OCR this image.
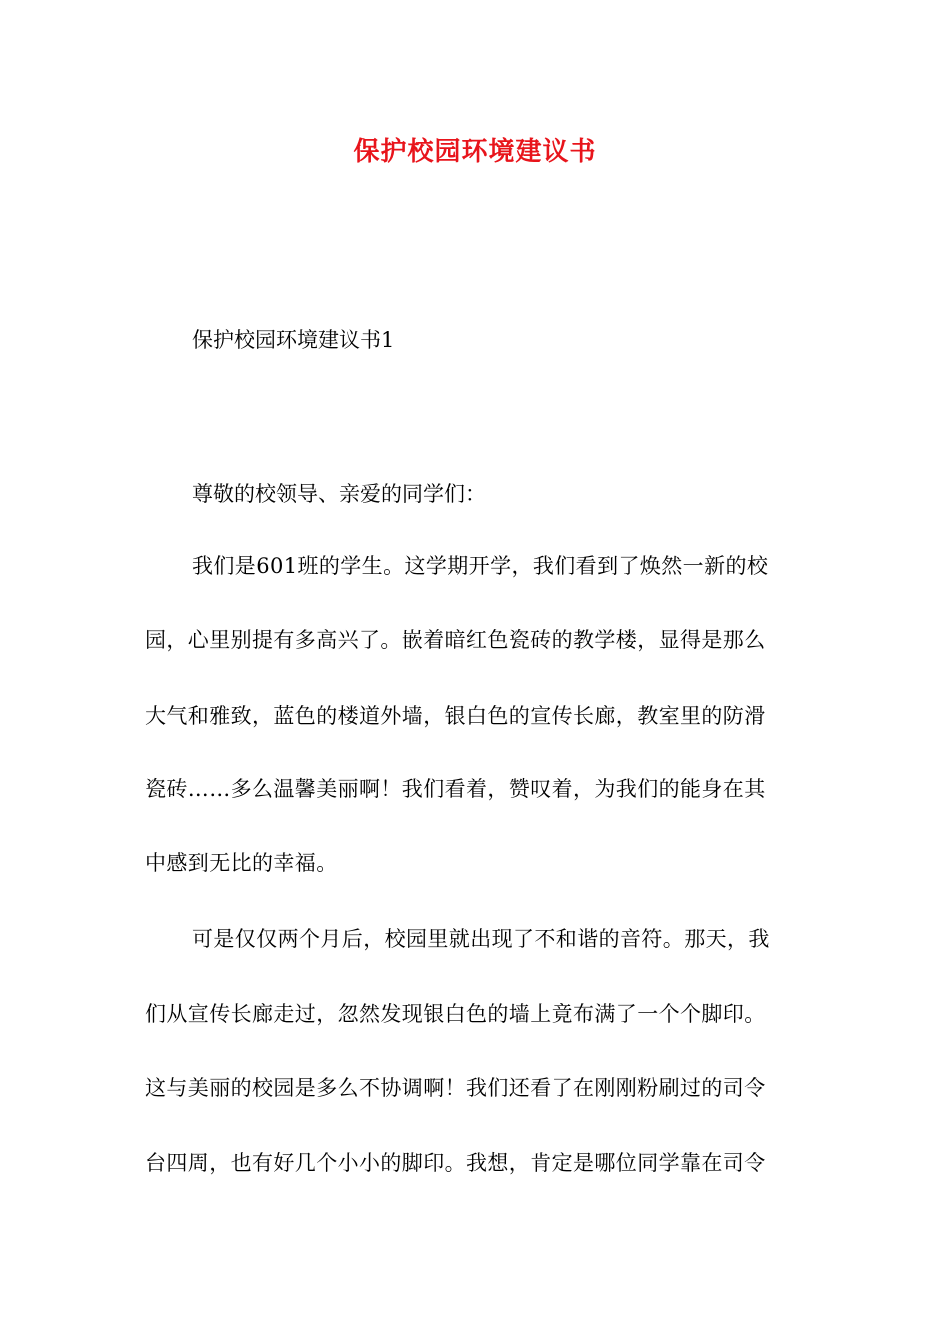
保护校园环境建议书
保护校园环境建议书1
尊敬的校领导、亲爱的同学们：
我们是601班的学生。这学期开学，我们看到了焕然一新的校
园，心里别提有多高兴了。嵌着暗红色瓷砖的教学楼，显得是那么
大气和雅致，蓝色的楼道外墙，银白色的宣传长廊，教室里的防滑
瓷砖……多么温馨美丽啊！我们看着，赞叹着，为我们的能身在其
中感到无比的幸福。
可是仅仅两个月后，校园里就出现了不和谐的音符。那天，我
们从宣传长廊走过，忽然发现银白色的墙上竟布满了一个个脚印。
这与美丽的校园是多么不协调啊！我们还看了在刚刚粉刷过的司令
台四周，也有好几个小小的脚印。我想，肯定是哪位同学靠在司令
